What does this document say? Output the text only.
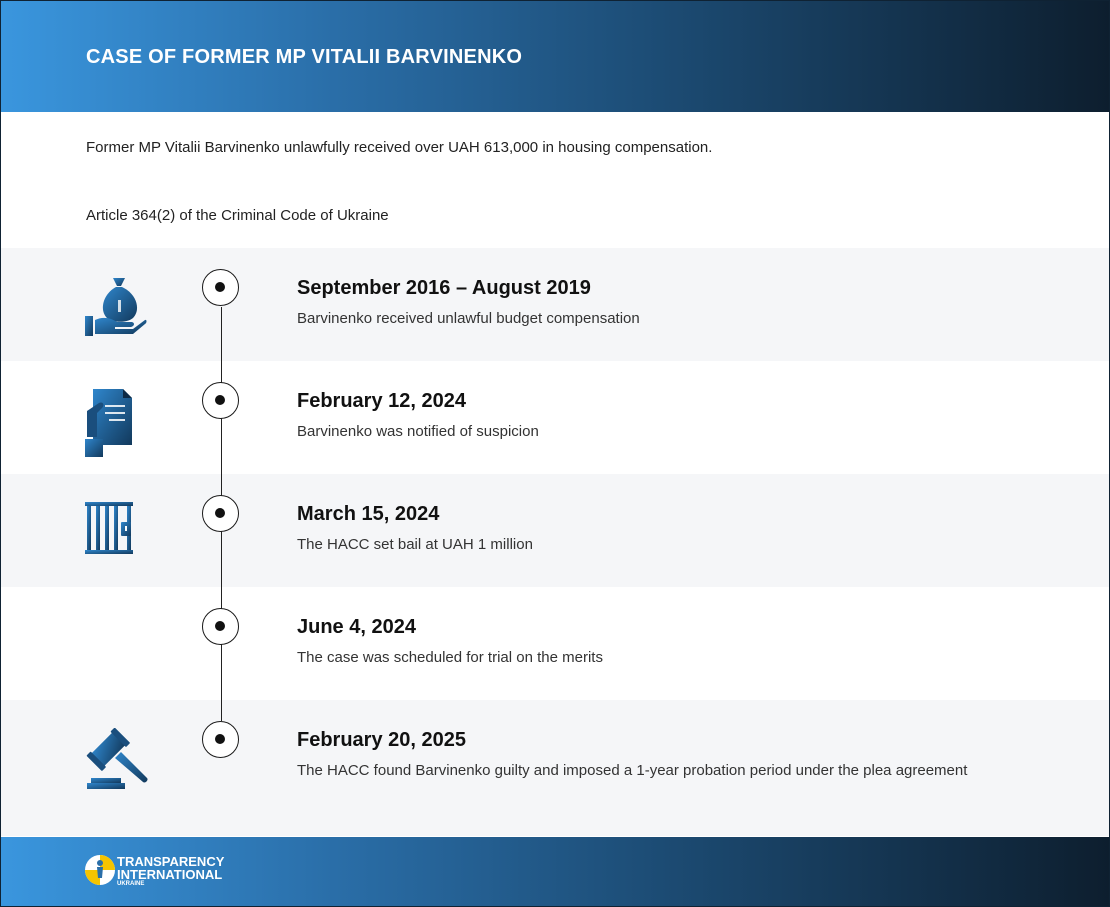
CASE OF FORMER MP VITALII BARVINENKO
Former MP Vitalii Barvinenko unlawfully received over UAH 613,000 in housing compensation.
Article 364(2) of the Criminal Code of Ukraine
September 2016 – August 2019
Barvinenko received unlawful budget compensation
February 12, 2024
Barvinenko was notified of suspicion
March 15, 2024
The HACC set bail at UAH 1 million
June 4, 2024
The case was scheduled for trial on the merits
February 20, 2025
The HACC found Barvinenko guilty and imposed a 1-year probation period under the plea agreement
TRANSPARENCY
INTERNATIONAL
UKRAINE
